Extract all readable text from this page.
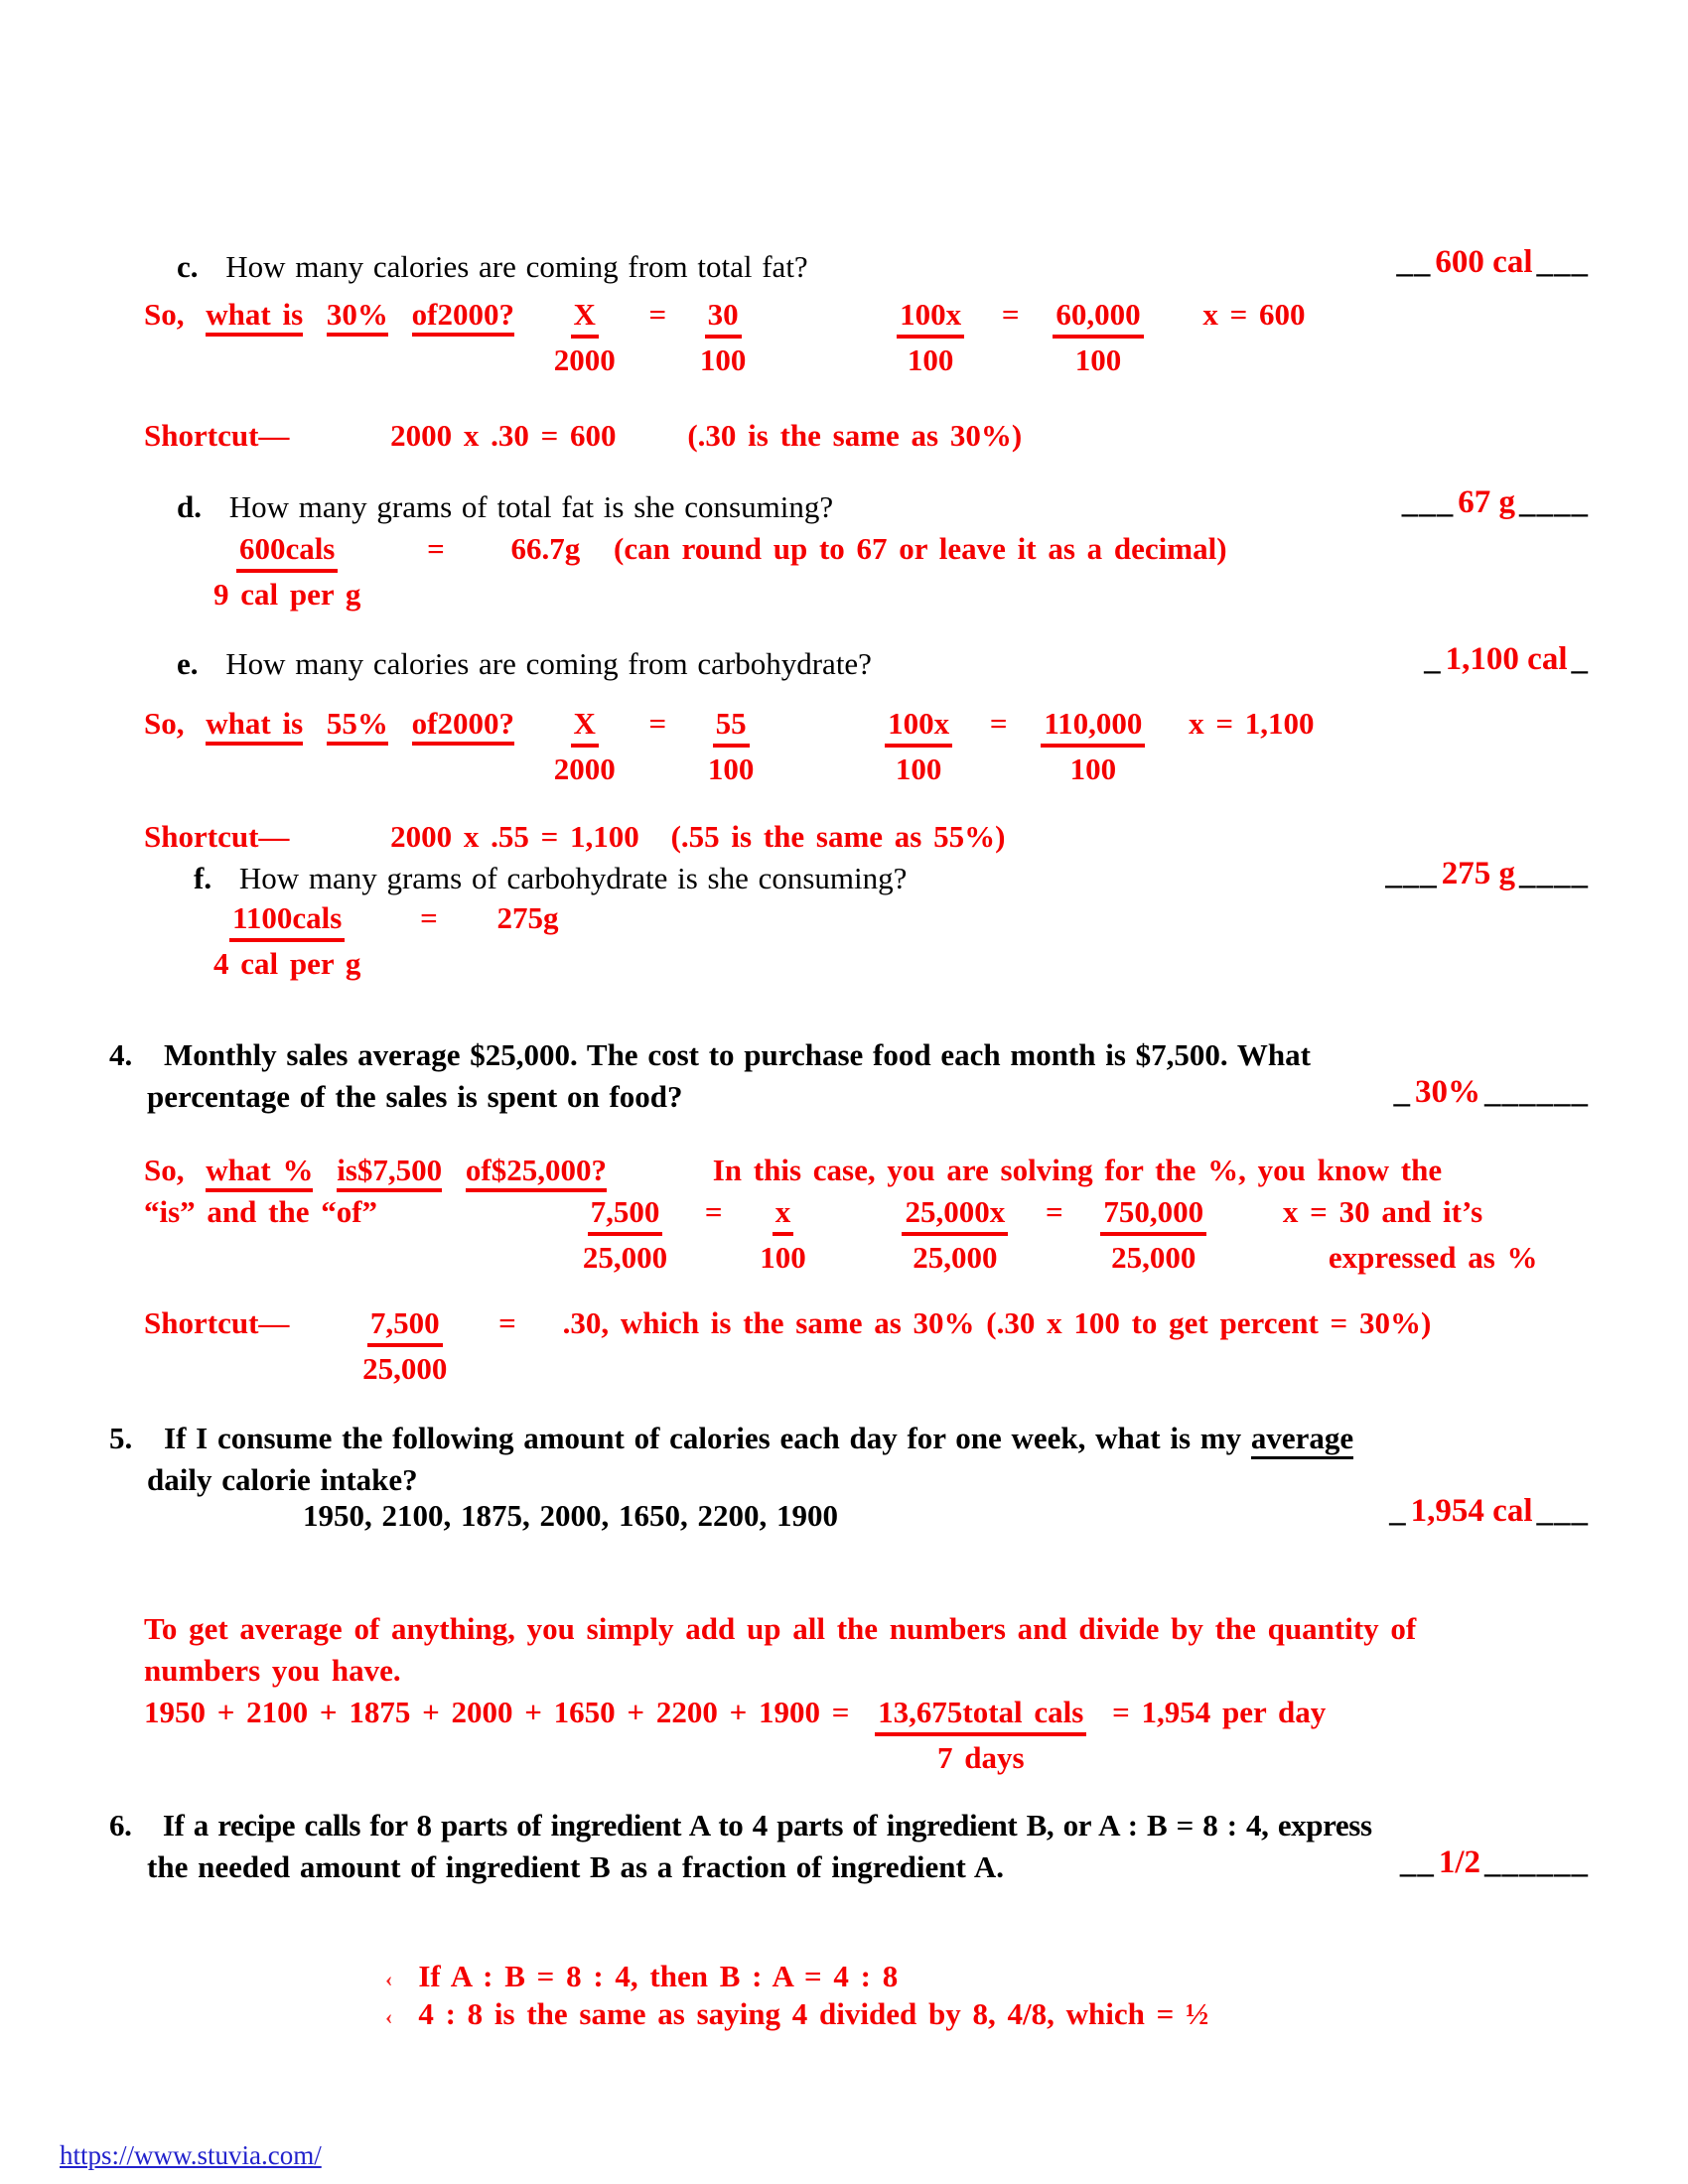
c. How many calories are coming from total fat?	__ 600 cal ___
So, what is 30% of2000? $\frac{X}{2000} = \frac{30}{100}$	$\frac{100x}{100} = \frac{60,000}{100}$ x = 600
Shortcut—	2000 x .30 = 600 (.30 is the same as 30%)
d. How many grams of total fat is she consuming?	___ 67 g ____
$\frac{\text{600cals}}{\text{9 cal per g}} = 66.7g$ (can round up to 67 or leave it as a decimal)
e. How many calories are coming from carbohydrate?	_ 1,100 cal _
So, what is 55% of2000? $\frac{X}{2000} = \frac{55}{100}$	$\frac{100x}{100} = \frac{110,000}{100}$ x = 1,100
Shortcut—	2000 x .55 = 1,100 (.55 is the same as 55%)
f. How many grams of carbohydrate is she consuming?	___ 275 g ____
$\frac{\text{1100cals}}{\text{4 cal per g}} = 275g$
4. Monthly sales average $25,000. The cost to purchase food each month is $7,500. What
percentage of the sales is spent on food?	_ 30% ______
So, what % is$7,500 of$25,000?	In this case, you are solving for the %, you know the
“is” and the “of”	$\frac{7,500}{25,000} = \frac{x}{100}$	$\frac{25,000x}{25,000} = \frac{750,000}{25,000}$ x = 30 and it’s
expressed as %
Shortcut— $\frac{7,500}{25,000} = .30$, which is the same as 30% (.30 x 100 to get percent = 30%)
5. If I consume the following amount of calories each day for one week, what is my average
daily calorie intake?
1950, 2100, 1875, 2000, 1650, 2200, 1900	_ 1,954 cal ___
To get average of anything, you simply add up all the numbers and divide by the quantity of
numbers you have.
$1950 + 2100 + 1875 + 2000 + 1650 + 2200 + 1900 = \frac{\text{13,675total cals}}{\text{7 days}} = 1,954$ per day
6. If a recipe calls for 8 parts of ingredient A to 4 parts of ingredient B, or A : B = 8 : 4, express
the needed amount of ingredient B as a fraction of ingredient A.	__ 1/2 ______
‹ If A : B = 8 : 4, then B : A = 4 : 8
‹ 4 : 8 is the same as saying 4 divided by 8, 4/8, which = ½
https://www.stuvia.com/
